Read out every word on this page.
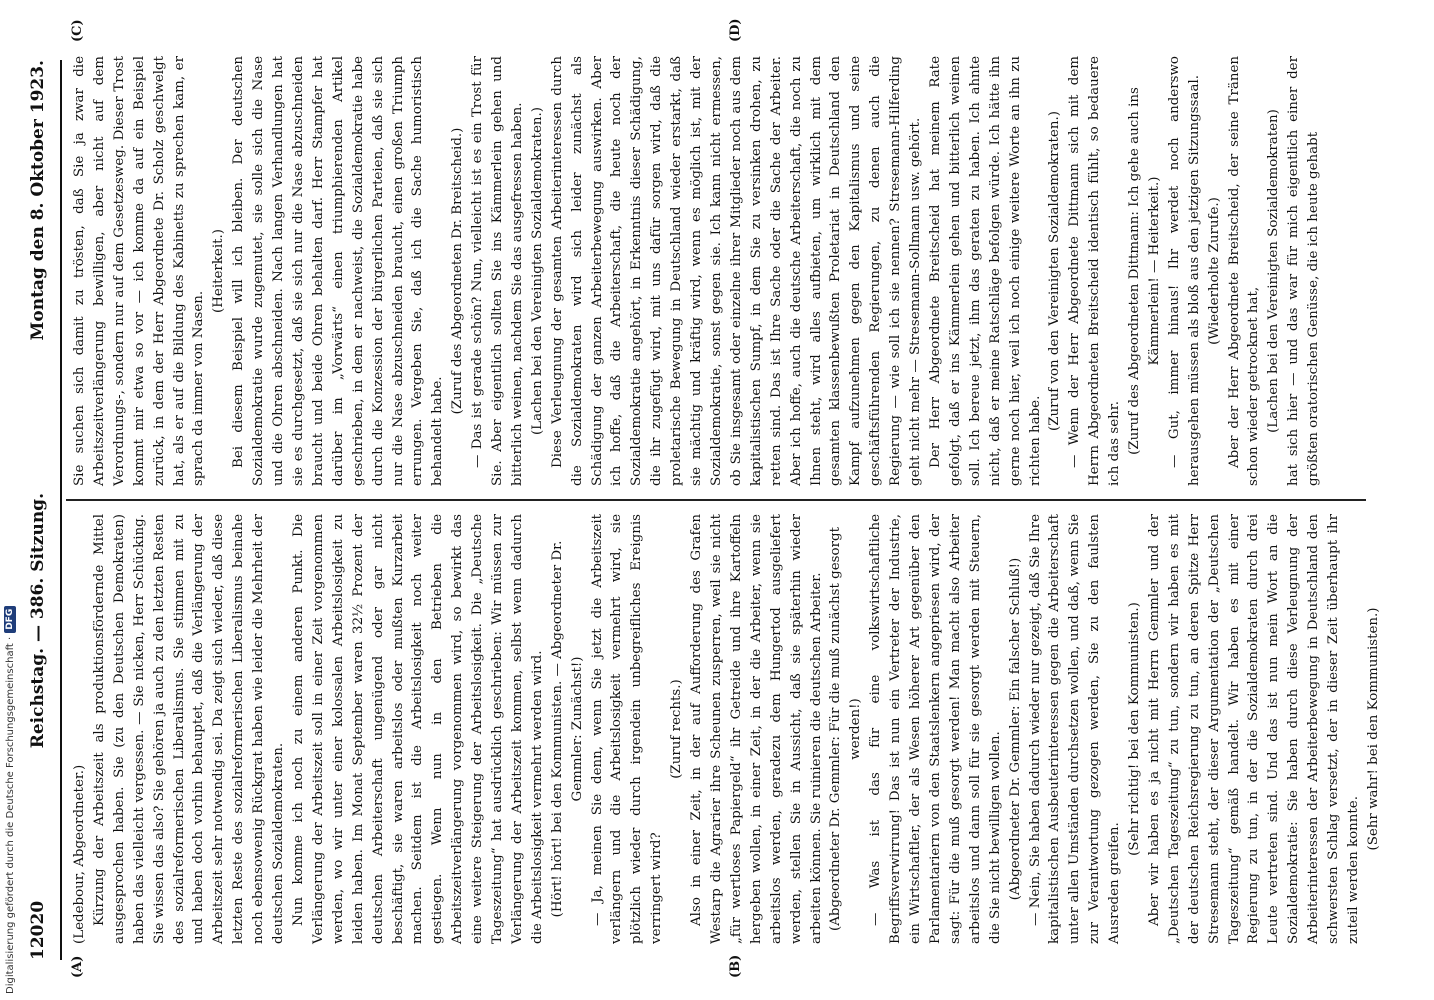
12020
Reichstag. — 386. Sitzung.
Montag den 8. Oktober 1923.
(A)	(B)
(C)	(D)

(Ledebour, Abgeordneter.) Kürzung der Arbeitszeit als produktionsfördernde Mittel ausgesprochen haben. Sie (zu den Deutschen Demokraten) haben das vielleicht vergessen. — Sie nicken, Herr Schücking. Sie wissen das also? Sie gehören ja auch zu den letzten Resten des sozialreformerischen Liberalismus. Sie stimmen mit zu und haben doch vorhin behauptet, daß die Verlängerung der Arbeitszeit sehr notwendig sei. Da zeigt sich wieder, daß diese letzten Reste des sozialreformerischen Liberalismus beinahe noch ebensowenig Rückgrat haben wie leider die Mehrheit der deutschen Sozialdemokraten. Nun komme ich noch zu einem anderen Punkt. Die Verlängerung der Arbeitszeit soll in einer Zeit vorgenommen werden, wo wir unter einer kolossalen Arbeitslosigkeit zu leiden haben. Im Monat September waren 32½ Prozent der deutschen Arbeiterschaft ungenügend oder gar nicht beschäftigt, sie waren arbeitslos oder mußten Kurzarbeit machen. Seitdem ist die Arbeitslosigkeit noch weiter gestiegen. Wenn nun in den Betrieben die Arbeitszeitverlängerung vorgenommen wird, so bewirkt das eine weitere Steigerung der Arbeitslosigkeit. Die „Deutsche Tageszeitung“ hat ausdrücklich geschrieben: Wir müssen zur Verlängerung der Arbeitszeit kommen, selbst wenn dadurch die Arbeitslosigkeit vermehrt werden wird. (Hört! hört! bei den Kommunisten. — Abgeordneter Dr. Gemmler: Zunächst!) — Ja, meinen Sie denn, wenn Sie jetzt die Arbeitszeit verlängern und die Arbeitslosigkeit vermehrt wird, sie plötzlich wieder durch irgendein unbegreifliches Ereignis verringert wird?

(Zuruf rechts.) Also in einer Zeit, in der auf Aufforderung des Grafen Westarp die Agrarier ihre Scheunen zusperren, weil sie nicht „für wertloses Papiergeld“ ihr Getreide und ihre Kartoffeln hergeben wollen, in einer Zeit, in der die Arbeiter, wenn sie arbeitslos werden, geradezu dem Hungertod ausgeliefert werden, stellen Sie in Aussicht, daß sie späterhin wieder arbeiten können. Sie ruinieren die deutschen Arbeiter. (Abgeordneter Dr. Gemmler: Für die muß zunächst gesorgt werden!) — Was ist das für eine volkswirtschaftliche Begriffsverwirrung! Das ist nun ein Vertreter der Industrie, ein Wirtschaftler, der als Wesen höherer Art gegenüber den Parlamentariern von den Staatslenkern angepriesen wird, der sagt: Für die muß gesorgt werden! Man macht also Arbeiter arbeitslos und dann soll für sie gesorgt werden mit Steuern, die Sie nicht bewilligen wollen. (Abgeordneter Dr. Gemmler: Ein falscher Schluß!) — Nein, Sie haben dadurch wieder nur gezeigt, daß Sie Ihre kapitalistischen Ausbeuterinteressen gegen die Arbeiterschaft unter allen Umständen durchsetzen wollen, und daß, wenn Sie zur Verantwortung gezogen werden, Sie zu den faulsten Ausreden greifen.

(Sehr richtig! bei den Kommunisten.) Aber wir haben es ja nicht mit Herrn Gemmler und der „Deutschen Tageszeitung“ zu tun, sondern wir haben es mit der deutschen Reichsregierung zu tun, an deren Spitze Herr Stresemann steht, der dieser Argumentation der „Deutschen Tageszeitung“ gemäß handelt. Wir haben es mit einer Regierung zu tun, in der die Sozialdemokraten durch drei Leute vertreten sind. Und das ist nun mein Wort an die Sozialdemokratie: Sie haben durch diese Verleugnung der Arbeiterinteressen der Arbeiterbewegung in Deutschland den schwersten Schlag versetzt, der in dieser Zeit überhaupt ihr zuteil werden konnte.

(Sehr wahr! bei den Kommunisten.)

Sie suchen sich damit zu trösten, daß Sie ja zwar die Arbeitszeitverlängerung bewilligen, aber nicht auf dem Verordnungs-, sondern nur auf dem Gesetzesweg. Dieser Trost kommt mir etwa so vor — ich komme da auf ein Beispiel zurück, in dem der Herr Abgeordnete Dr. Scholz geschwelgt hat, als er auf die Bildung des Kabinetts zu sprechen kam, er sprach da immer von Nasen.

(Heiterkeit.) Bei diesem Beispiel will ich bleiben. Der deutschen Sozialdemokratie wurde zugemutet, sie solle sich die Nase und die Ohren abschneiden. Nach langen Verhandlungen hat sie es durchgesetzt, daß sie sich nur die Nase abzuschneiden braucht und beide Ohren behalten darf. Herr Stampfer hat darüber im „Vorwärts“ einen triumphierenden Artikel geschrieben, in dem er nachweist, die Sozialdemokratie habe durch die Konzession der bürgerlichen Parteien, daß sie sich nur die Nase abzuschneiden braucht, einen großen Triumph errungen. Vergeben Sie, daß ich die Sache humoristisch behandelt habe.

(Zuruf des Abgeordneten Dr. Breitscheid.) — Das ist gerade schön? Nun, vielleicht ist es ein Trost für Sie. Aber eigentlich sollten Sie ins Kämmerlein gehen und bitterlich weinen, nachdem Sie das ausgefressen haben. (Lachen bei den Vereinigten Sozialdemokraten.) Diese Verleugnung der gesamten Arbeiterinteressen durch die Sozialdemokraten wird sich leider zunächst als Schädigung der ganzen Arbeiterbewegung auswirken. Aber ich hoffe, daß die Arbeiterschaft, die heute noch der Sozialdemokratie angehört, in Erkenntnis dieser Schädigung, die ihr zugefügt wird, mit uns dafür sorgen wird, daß die proletarische Bewegung in Deutschland wieder erstarkt, daß sie mächtig und kräftig wird, wenn es möglich ist, mit der Sozialdemokratie, sonst gegen sie. Ich kann nicht ermessen, ob Sie insgesamt oder einzelne ihrer Mitglieder noch aus dem kapitalistischen Sumpf, in dem Sie zu versinken drohen, zu retten sind. Das ist Ihre Sache oder die Sache der Arbeiter. Aber ich hoffe, auch die deutsche Arbeiterschaft, die noch zu Ihnen steht, wird alles aufbieten, um wirklich mit dem gesamten klassenbewußten Proletariat in Deutschland den Kampf aufzunehmen gegen den Kapitalismus und seine geschäftsführenden Regierungen, zu denen auch die Regierung — wie soll ich sie nennen? Stresemann-Hilferding geht nicht mehr — Stresemann-Sollmann usw. gehört. Der Herr Abgeordnete Breitscheid hat meinem Rate gefolgt, daß er ins Kämmerlein gehen und bitterlich weinen soll. Ich bereue jetzt, ihm das geraten zu haben. Ich ahnte nicht, daß er meine Ratschläge befolgen würde. Ich hätte ihn gerne noch hier, weil ich noch einige weitere Worte an ihn zu richten habe.

(Zuruf von den Vereinigten Sozialdemokraten.) — Wenn der Herr Abgeordnete Dittmann sich mit dem Herrn Abgeordneten Breitscheid identisch fühlt, so bedauere ich das sehr. (Zuruf des Abgeordneten Dittmann: Ich gehe auch ins Kämmerlein! — Heiterkeit.) — Gut, immer hinaus! Ihr werdet noch anderswo herausgehen müssen als bloß aus den jetzigen Sitzungssaal. (Wiederholte Zurufe.) Aber der Herr Abgeordnete Breitscheid, der seine Tränen schon wieder getrocknet hat, (Lachen bei den Vereinigten Sozialdemokraten) hat sich hier — und das war für mich eigentlich einer der größten oratorischen Genüsse, die ich heute gehabt

Digitalisierung gefördert durch die Deutsche Forschungsgemeinschaft ·
DFG
